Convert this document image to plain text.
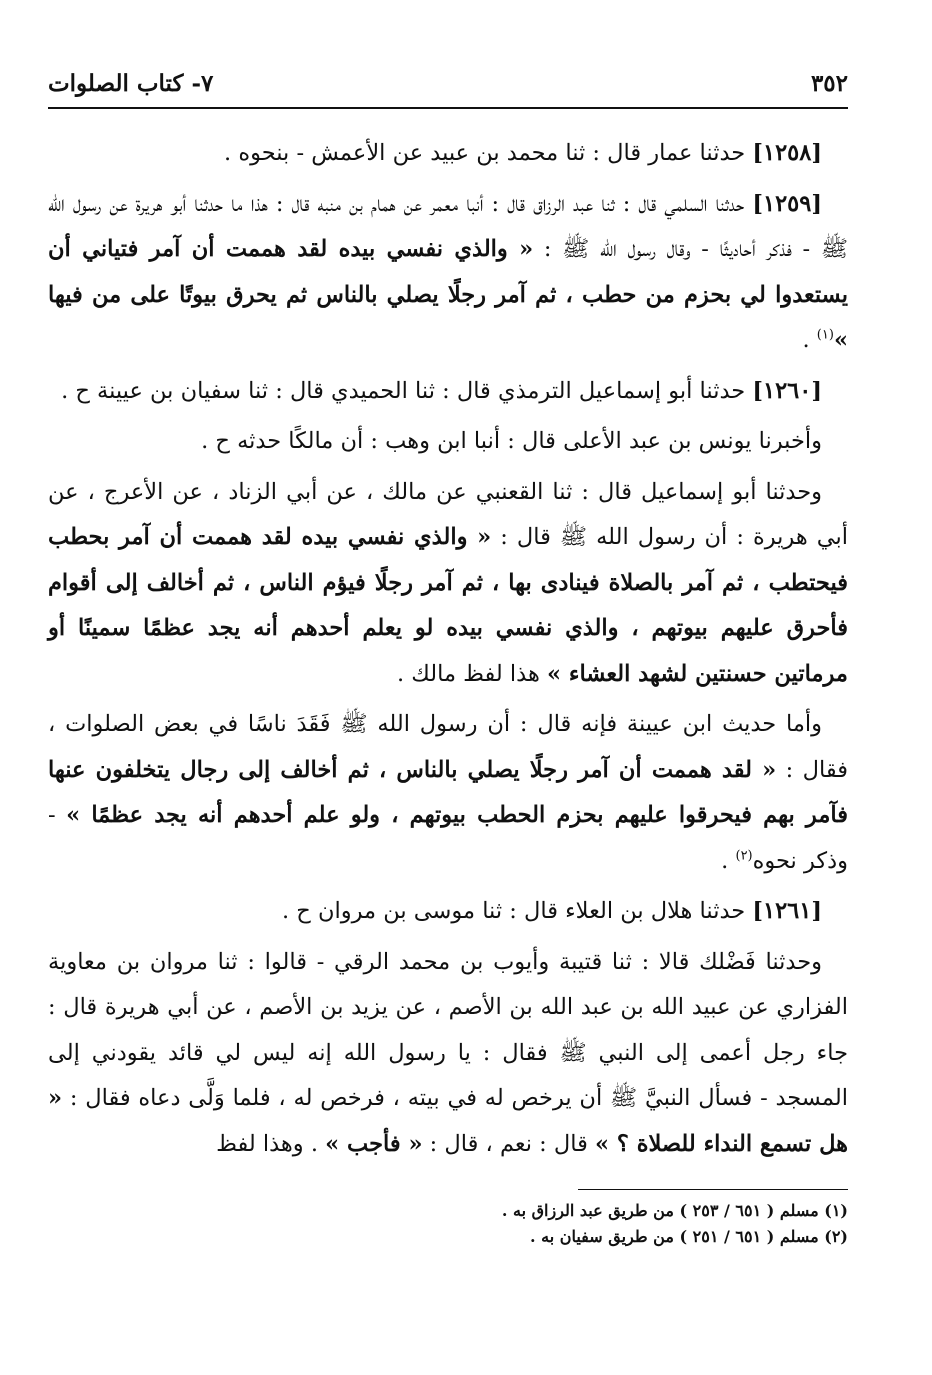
٣٥٢
٧- كتاب الصلوات

[١٢٥٨] حدثنا عمار قال : ثنا محمد بن عبيد عن الأعمش - بنحوه .

[١٢٥٩] حدثنا السلمي قال : ثنا عبد الرزاق قال : أنبا معمر عن همام بن منبه قال : هذا ما حدثنا أبو هريرة عن رسول الله ﷺ - فذكر أحاديثًا - وقال رسول الله ﷺ : « والذي نفسي بيده لقد هممت أن آمر فتياني أن يستعدوا لي بحزم من حطب ، ثم آمر رجلًا يصلي بالناس ثم يحرق بيوتًا على من فيها »$^{(١)}$ .

[١٢٦٠] حدثنا أبو إسماعيل الترمذي قال : ثنا الحميدي قال : ثنا سفيان بن عيينة ح .

وأخبرنا يونس بن عبد الأعلى قال : أنبا ابن وهب : أن مالكًا حدثه ح .

وحدثنا أبو إسماعيل قال : ثنا القعنبي عن مالك ، عن أبي الزناد ، عن الأعرج ، عن أبي هريرة : أن رسول الله ﷺ قال : « والذي نفسي بيده لقد هممت أن آمر بحطب فيحتطب ، ثم آمر بالصلاة فينادى بها ، ثم آمر رجلًا فيؤم الناس ، ثم أخالف إلى أقوام فأحرق عليهم بيوتهم ، والذي نفسي بيده لو يعلم أحدهم أنه يجد عظمًا سمينًا أو مرماتين حسنتين لشهد العشاء » هذا لفظ مالك .

وأما حديث ابن عيينة فإنه قال : أن رسول الله ﷺ فَقَدَ ناسًا في بعض الصلوات ، فقال : « لقد هممت أن آمر رجلًا يصلي بالناس ، ثم أخالف إلى رجال يتخلفون عنها فآمر بهم فيحرقوا عليهم بحزم الحطب بيوتهم ، ولو علم أحدهم أنه يجد عظمًا » - وذكر نحوه$^{(٢)}$ .

[١٢٦١] حدثنا هلال بن العلاء قال : ثنا موسى بن مروان ح .

وحدثنا فَضْلك قالا : ثنا قتيبة وأيوب بن محمد الرقي - قالوا : ثنا مروان بن معاوية الفزاري عن عبيد الله بن عبد الله بن الأصم ، عن يزيد بن الأصم ، عن أبي هريرة قال : جاء رجل أعمى إلى النبي ﷺ فقال : يا رسول الله إنه ليس لي قائد يقودني إلى المسجد - فسأل النبيَّ ﷺ أن يرخص له في بيته ، فرخص له ، فلما وَلَّى دعاه فقال : « هل تسمع النداء للصلاة ؟ » قال : نعم ، قال : « فأجب » . وهذا لفظ

(١) مسلم ( ٦٥١ / ٢٥٣ ) من طريق عبد الرزاق به .
(٢) مسلم ( ٦٥١ / ٢٥١ ) من طريق سفيان به .
